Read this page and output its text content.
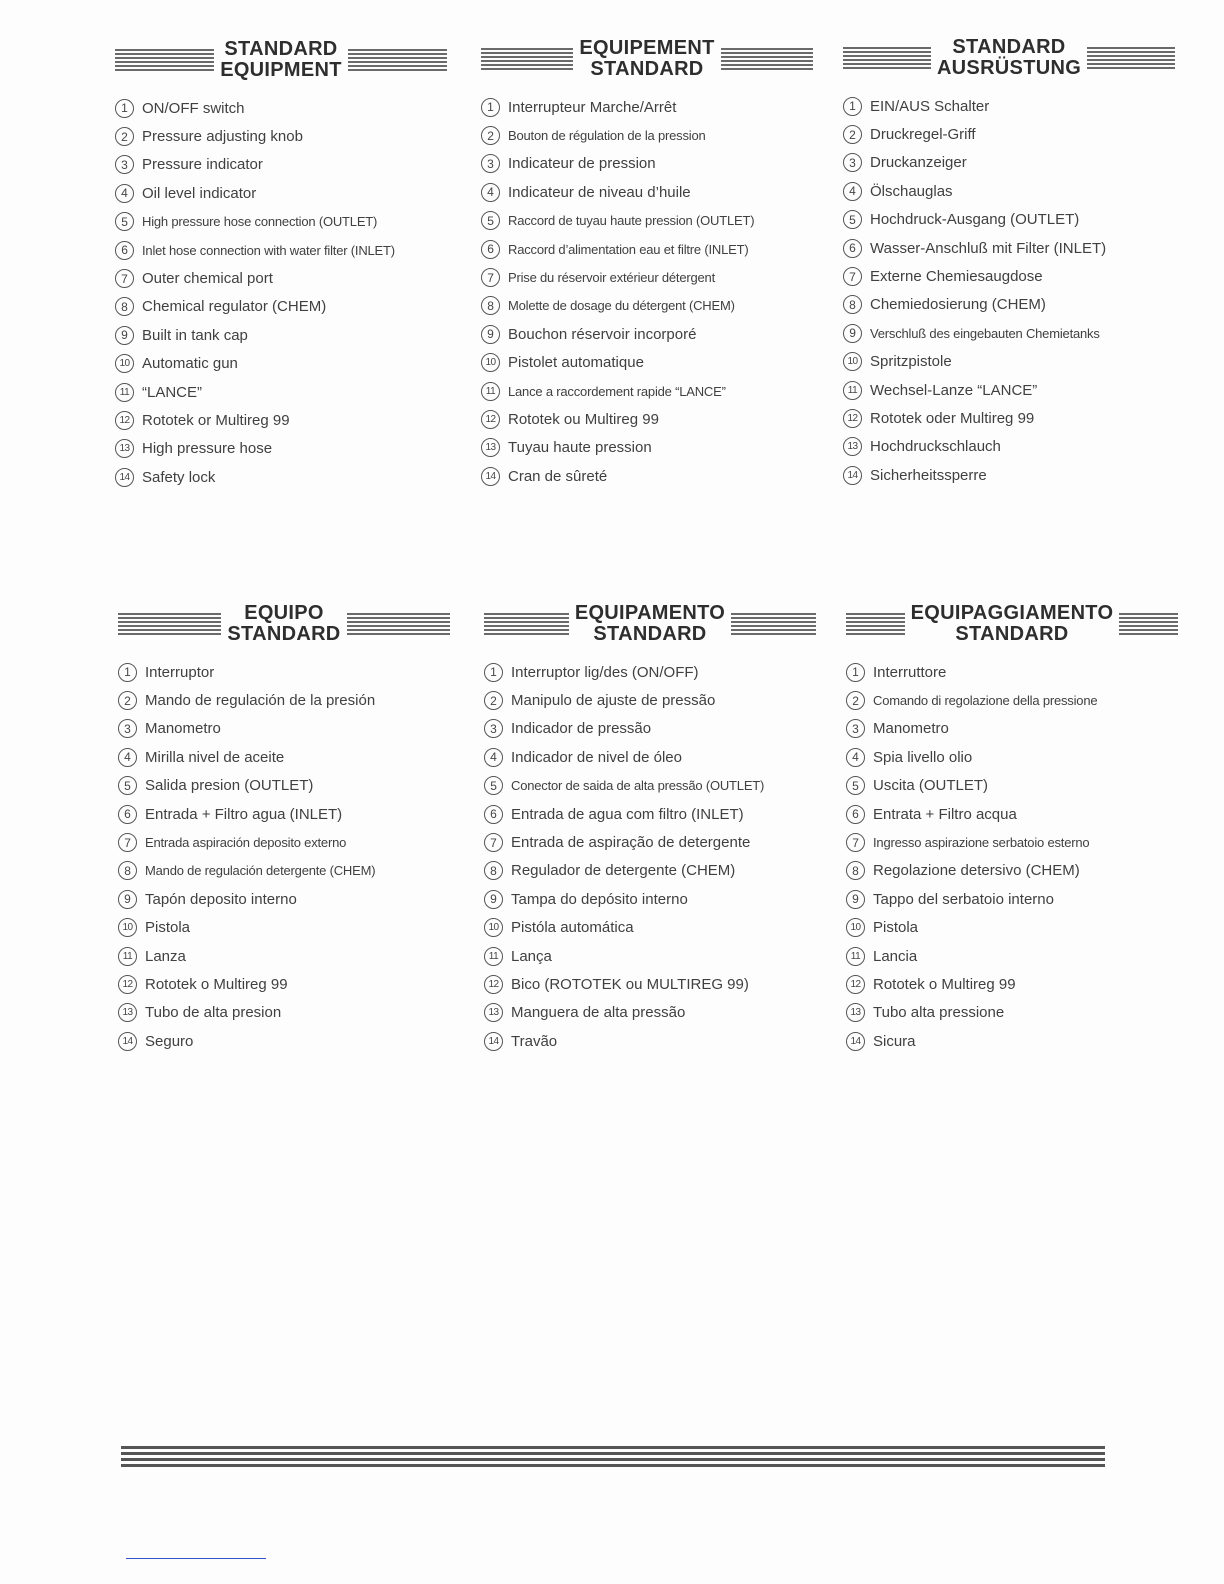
STANDARD
EQUIPMENT
1 ON/OFF switch
2 Pressure adjusting knob
3 Pressure indicator
4 Oil level indicator
5	High pressure hose connection (OUTLET)
6	Inlet hose connection with water filter (INLET)
7 Outer chemical port
8 Chemical regulator (CHEM)
9 Built in tank cap
10 Automatic gun
11 “LANCE”
12 Rototek or Multireg 99
13 High pressure hose
14 Safety lock
EQUIPEMENT
STANDARD
1 Interrupteur Marche/Arrêt
2	Bouton de régulation de la pression
3 Indicateur de pression
4 Indicateur de niveau d’huile
5	Raccord de tuyau haute pression (OUTLET)
6	Raccord d’alimentation eau et filtre (INLET)
7	Prise du réservoir extérieur détergent
8	Molette de dosage du détergent (CHEM)
9 Bouchon réservoir incorporé
10 Pistolet automatique
11 Lance a raccordement rapide “LANCE”
12 Rototek ou Multireg 99
13 Tuyau haute pression
14 Cran de sûreté
STANDARD
AUSRÜSTUNG
1 EIN/AUS Schalter
2 Druckregel-Griff
3 Druckanzeiger
4 Ölschauglas
5 Hochdruck-Ausgang (OUTLET)
6 Wasser-Anschluß mit Filter (INLET)
7 Externe Chemiesaugdose
8 Chemiedosierung (CHEM)
9	Verschluß des eingebauten Chemietanks
10 Spritzpistole
11 Wechsel-Lanze “LANCE”
12 Rototek oder Multireg 99
13 Hochdruckschlauch
14 Sicherheitssperre
EQUIPO
STANDARD
1 Interruptor
2 Mando de regulación de la presión
3 Manometro
4 Mirilla nivel de aceite
5 Salida presion (OUTLET)
6 Entrada + Filtro agua (INLET)
7	Entrada aspiración deposito externo
8	Mando de regulación detergente (CHEM)
9 Tapón deposito interno
10 Pistola
11 Lanza
12 Rototek o Multireg 99
13 Tubo de alta presion
14 Seguro
EQUIPAMENTO
STANDARD
1 Interruptor lig/des (ON/OFF)
2 Manipulo de ajuste de pressão
3 Indicador de pressão
4 Indicador de nivel de óleo
5	Conector de saida de alta pressão (OUTLET)
6 Entrada de agua com filtro (INLET)
7 Entrada de aspiração de detergente
8 Regulador de detergente (CHEM)
9 Tampa do depósito interno
10 Pistóla automática
11 Lança
12 Bico (ROTOTEK ou MULTIREG 99)
13 Manguera de alta pressão
14 Travão
EQUIPAGGIAMENTO
STANDARD
1 Interruttore
2	Comando di regolazione della pressione
3 Manometro
4 Spia livello olio
5 Uscita (OUTLET)
6 Entrata + Filtro acqua
7	Ingresso aspirazione serbatoio esterno
8 Regolazione detersivo (CHEM)
9 Tappo del serbatoio interno
10 Pistola
11 Lancia
12 Rototek o Multireg 99
13 Tubo alta pressione
14 Sicura
